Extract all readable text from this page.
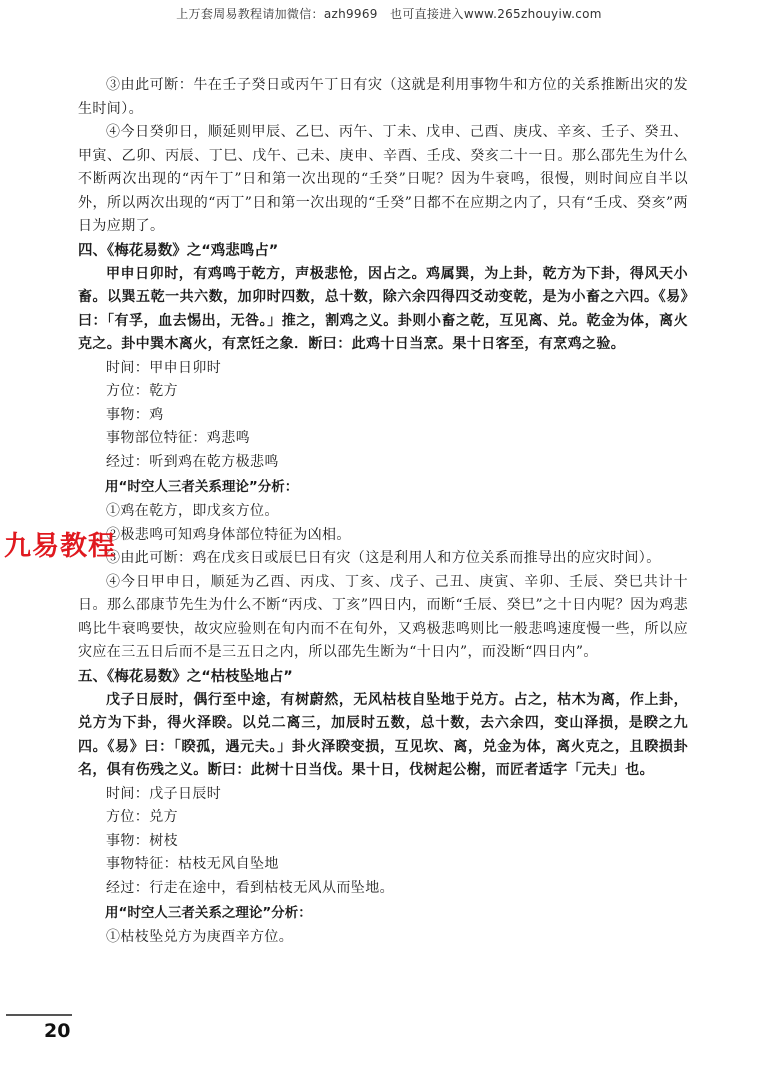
上万套周易教程请加微信：azh9969　也可直接进入www.265zhouyiw.com

③由此可断：牛在壬子癸日或丙午丁日有灾（这就是利用事物牛和方位的关系推断出灾的发生时间）。

④今日癸卯日，顺延则甲辰、乙巳、丙午、丁未、戊申、己酉、庚戌、辛亥、壬子、癸丑、甲寅、乙卯、丙辰、丁巳、戊午、己未、庚申、辛酉、壬戌、癸亥二十一日。那么邵先生为什么不断两次出现的“丙午丁”日和第一次出现的“壬癸”日呢？因为牛衰鸣，很慢，则时间应自半以外，所以两次出现的“丙丁”日和第一次出现的“壬癸”日都不在应期之内了，只有“壬戌、癸亥”两日为应期了。

四、《梅花易数》之“鸡悲鸣占”

甲申日卯时，有鸡鸣于乾方，声极悲怆，因占之。鸡属巽，为上卦，乾方为下卦，得风天小畜。以巽五乾一共六数，加卯时四数，总十数，除六余四得四爻动变乾，是为小畜之六四。《易》曰：「有孚，血去惕出，无咎。」推之，割鸡之义。卦则小畜之乾，互见离、兑。乾金为体，离火克之。卦中巽木离火，有烹饪之象．断曰：此鸡十日当烹。果十日客至，有烹鸡之验。

时间：甲申日卯时
方位：乾方
事物：鸡
事物部位特征：鸡悲鸣
经过：听到鸡在乾方极悲鸣
用“时空人三者关系理论”分析：

①鸡在乾方，即戊亥方位。

②极悲鸣可知鸡身体部位特征为凶相。

③由此可断：鸡在戊亥日或辰巳日有灾（这是利用人和方位关系而推导出的应灾时间）。

④今日甲申日，顺延为乙酉、丙戌、丁亥、戊子、己丑、庚寅、辛卯、壬辰、癸巳共计十日。那么邵康节先生为什么不断“丙戌、丁亥”四日内，而断“壬辰、癸巳”之十日内呢？因为鸡悲鸣比牛衰鸣要快，故灾应验则在旬内而不在旬外，又鸡极悲鸣则比一般悲鸣速度慢一些，所以应灾应在三五日后而不是三五日之内，所以邵先生断为“十日内”，而没断“四日内”。

五、《梅花易数》之“枯枝坠地占”

戊子日辰时，偶行至中途，有树蔚然，无风枯枝自坠地于兑方。占之，枯木为离，作上卦，兑方为下卦，得火泽睽。以兑二离三，加辰时五数，总十数，去六余四，变山泽损，是睽之九四。《易》曰：「睽孤，遇元夫。」卦火泽睽变损，互见坎、离，兑金为体，离火克之，且睽损卦名，俱有伤残之义。断曰：此树十日当伐。果十日，伐树起公榭，而匠者适字「元夫」也。

时间：戊子日辰时
方位：兑方
事物：树枝
事物特征：枯枝无风自坠地
经过：行走在途中，看到枯枝无风从而坠地。
用“时空人三者关系之理论”分析：

①枯枝坠兑方为庚酉辛方位。

九易教程
20
